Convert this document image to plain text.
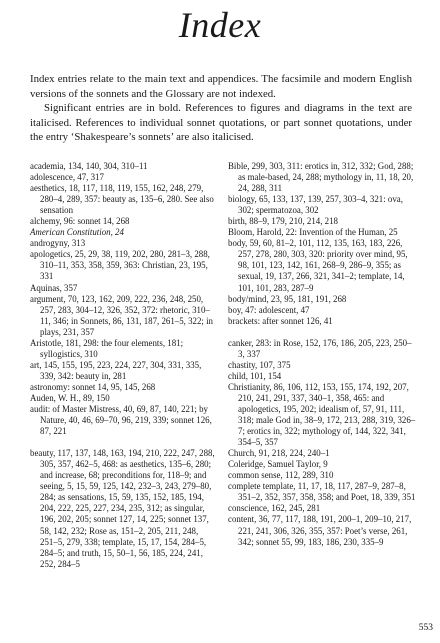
Index

Index entries relate to the main text and appendices. The facsimile and modern English versions of the sonnets and the Glossary are not indexed.

Significant entries are in bold. References to figures and diagrams in the text are italicised. References to individual sonnet quotations, or part sonnet quotations, under the entry ‘Shakespeare’s sonnets’ are also italicised.

academia, 134, 140, 304, 310–11
adolescence, 47, 317
aesthetics, 18, 117, 118, 119, 155, 162, 248, 279, 280–4, 289, 357: beauty as, 135–6, 280. See also sensation
alchemy, 96: sonnet 14, 268
American Constitution, 24
androgyny, 313
apologetics, 25, 29, 38, 119, 202, 280, 281–3, 288, 310–11, 353, 358, 359, 363: Christian, 23, 195, 331
Aquinas, 357
argument, 70, 123, 162, 209, 222, 236, 248, 250, 257, 283, 304–12, 326, 352, 372: rhetoric, 310–11, 346; in Sonnets, 86, 131, 187, 261–5, 322; in plays, 231, 357
Aristotle, 181, 298: the four elements, 181; syllogistics, 310
art, 145, 155, 195, 223, 224, 227, 304, 331, 335, 339, 342: beauty in, 281
astronomy: sonnet 14, 95, 145, 268
Auden, W. H., 89, 150
audit: of Master Mistress, 40, 69, 87, 140, 221; by Nature, 40, 46, 69–70, 96, 219, 339; sonnet 126, 87, 221
beauty, 117, 137, 148, 163, 194, 210, 222, 247, 288, 305, 357, 462–5, 468: as aesthetics, 135–6, 280; and increase, 68; preconditions for, 118–9; and seeing, 5, 15, 59, 125, 142, 232–3, 243, 279–80, 284; as sensations, 15, 59, 135, 152, 185, 194, 204, 222, 225, 227, 234, 235, 312; as singular, 196, 202, 205; sonnet 127, 14, 225; sonnet 137, 58, 142, 232; Rose as, 151–2, 205, 211, 248, 251–5, 279, 338; template, 15, 17, 154, 284–5, 284–5; and truth, 15, 50–1, 56, 185, 224, 241, 252, 284–5
Bible, 299, 303, 311: erotics in, 312, 332; God, 288; as male-based, 24, 288; mythology in, 11, 18, 20, 24, 288, 311
biology, 65, 133, 137, 139, 257, 303–4, 321: ova, 302; spermatozoa, 302
birth, 88–9, 179, 210, 214, 218
Bloom, Harold, 22: Invention of the Human, 25
body, 59, 60, 81–2, 101, 112, 135, 163, 183, 226, 257, 278, 280, 303, 320: priority over mind, 95, 98, 101, 123, 142, 161, 268–9, 286–9, 355; as sexual, 19, 137, 266, 321, 341–2; template, 14, 101, 101, 283, 287–9
body/mind, 23, 95, 181, 191, 268
boy, 47: adolescent, 47
brackets: after sonnet 126, 41
canker, 283: in Rose, 152, 176, 186, 205, 223, 250–3, 337
chastity, 107, 375
child, 101, 154
Christianity, 86, 106, 112, 153, 155, 174, 192, 207, 210, 241, 291, 337, 340–1, 358, 465: and apologetics, 195, 202; idealism of, 57, 91, 111, 318; male God in, 38–9, 172, 213, 288, 319, 326–7; erotics in, 322; mythology of, 144, 322, 341, 354–5, 357
Church, 91, 218, 224, 240–1
Coleridge, Samuel Taylor, 9
common sense, 112, 289, 310
complete template, 11, 17, 18, 117, 287–9, 287–8, 351–2, 352, 357, 358, 358; and Poet, 18, 339, 351
conscience, 162, 245, 281
content, 36, 77, 117, 188, 191, 200–1, 209–10, 217, 221, 241, 306, 326, 355, 357: Poet’s verse, 261, 342; sonnet 55, 99, 183, 186, 230, 335–9
553
